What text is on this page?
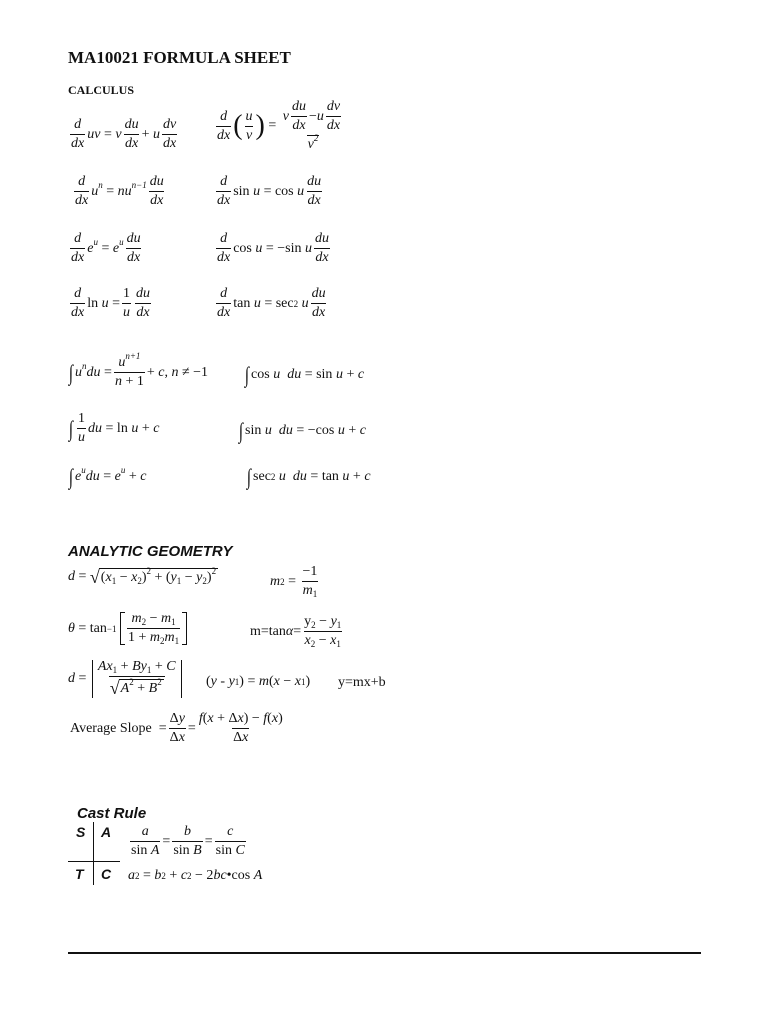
MA10021 FORMULA SHEET
CALCULUS
$\frac{d}{dx}$ uv = v $\frac{du}{dx} + u \frac{dv}{dx}$	$\frac{d}{dx}$ ( $\frac{u}{v}$ ) = $\frac{v \frac{du}{dx} - u \frac{dv}{dx}}{v^2}$
$\frac{d}{dx} u^n = nu^{n-1} \frac{du}{dx}$	$\frac{d}{dx}$ sin u = cos u $\frac{du}{dx}$
$\frac{d}{dx} e^u = e^u \frac{du}{dx}$	$\frac{d}{dx}$ cos u = −sin u $\frac{du}{dx}$
$\frac{d}{dx}$ $\ln u = \frac{1}{u} \frac{du}{dx}$	$\frac{d}{dx}$ tan u = sec 2
u $\frac{du}{dx}$
∫ $u^ndu = \frac{u^{n+1}}{n + 1} + c$ , n ≠ −1 ∫ cos u
du = sin u + c
∫ $\frac{1}{u}$ du = ln u + c	∫ sin u
du = −cos u + c
∫ $e^udu = e^u + c$	∫ sec 2
u
du = tan u + c
ANALYTIC GEOMETRY
d = √ $(x_1 - x_2)^2 + (y_1 - y_2)^2$
m $2 = \frac{-1}{m_1}$
θ = tan −1
$\frac{m_2 - m_1}{1 + m_2m_1}$	m=tan $\alpha = \frac{y_2 - y_1}{x_2 - x_1}$
$d = \frac{Ax_1 + By_1 + C}{√ A^2 + B^2}$ ( y - y 1 ) = m ( x − x 1 ) y=mx+b
Average Slope = $\frac{\Delta y}{\Delta x} = \frac{f(x + \Delta x) - f(x)}{\Delta x}$
Cast Rule
S A
T C
$\frac{a}{\text{sin A}} = \frac{b}{\text{sin B}} = \frac{c}{\text{sin C}}$
a 2 = b 2 + c 2 − 2 bc •cos A
